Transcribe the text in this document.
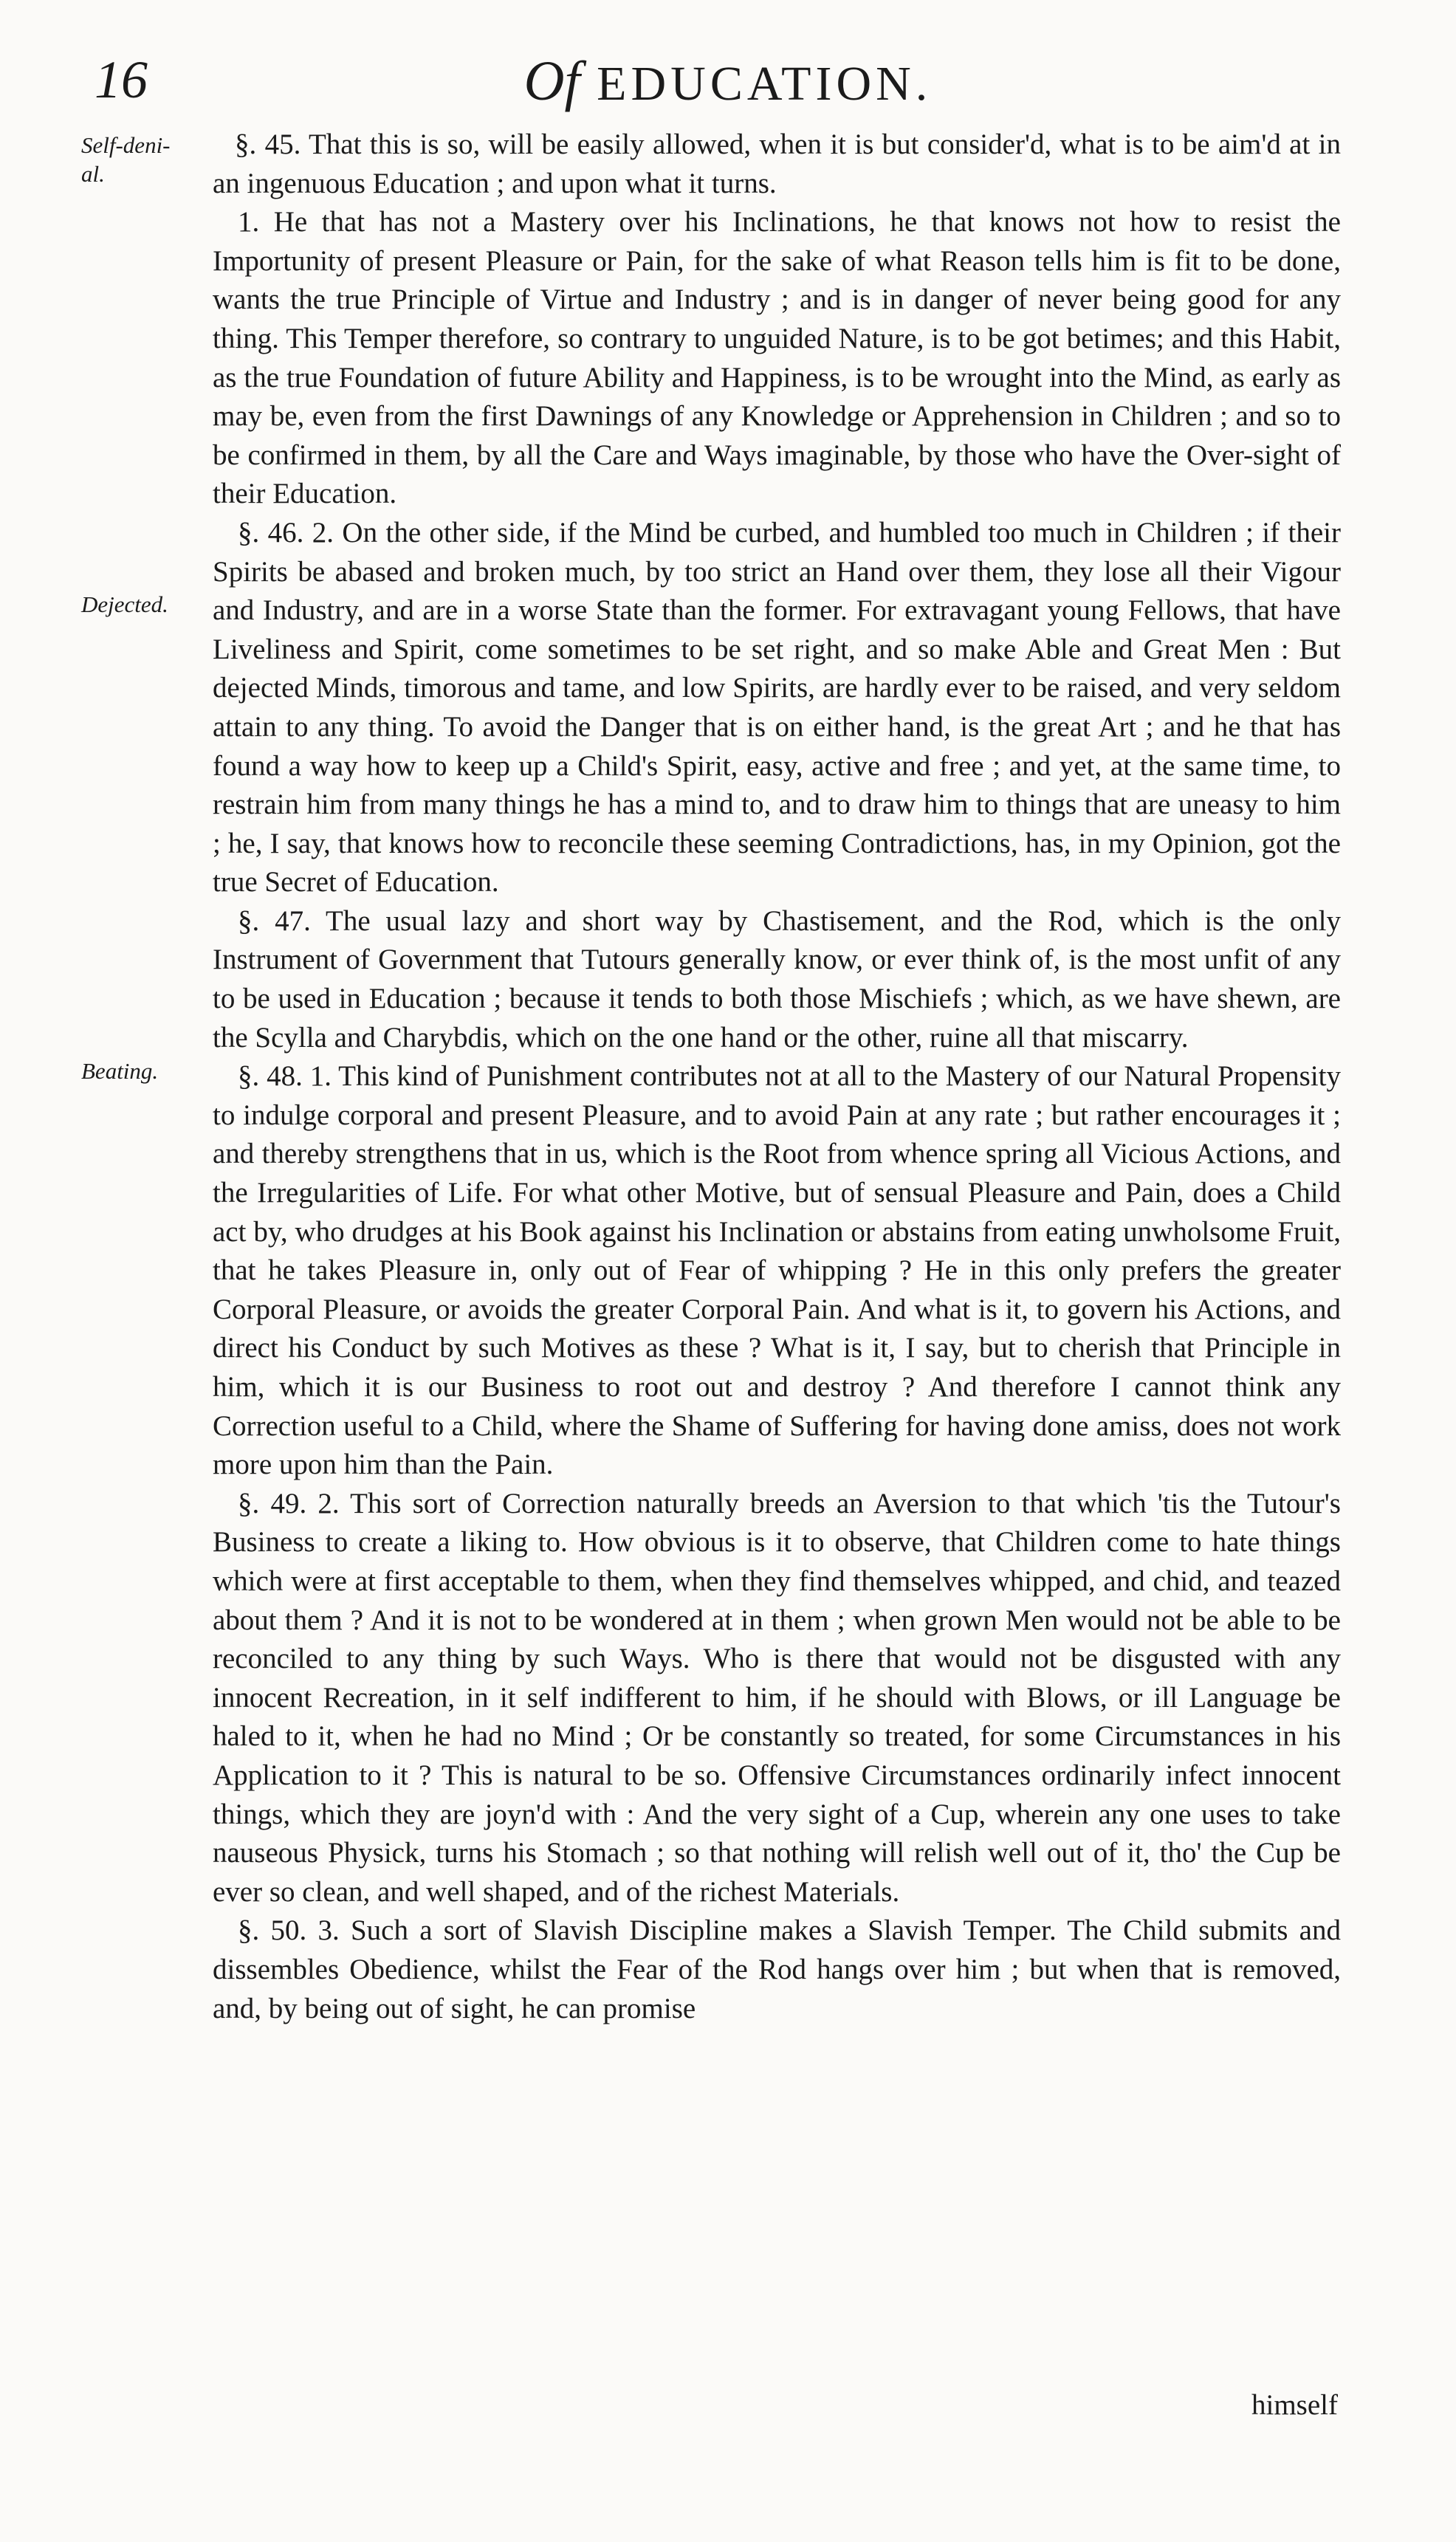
16	Of EDUCATION.
Self-deni-
al.
Dejected.
Beating.

§. 45. That this is so, will be easily allowed, when it is but consider'd, what is to be aim'd at in an ingenuous Education ; and upon what it turns.

1. He that has not a Mastery over his Inclinations, he that knows not how to resist the Importunity of present Pleasure or Pain, for the sake of what Reason tells him is fit to be done, wants the true Principle of Virtue and Industry ; and is in danger of never being good for any thing. This Temper therefore, so contrary to unguided Nature, is to be got betimes; and this Habit, as the true Foundation of future Ability and Happiness, is to be wrought into the Mind, as early as may be, even from the first Dawnings of any Knowledge or Apprehension in Children ; and so to be confirmed in them, by all the Care and Ways imaginable, by those who have the Over-sight of their Education.

§. 46. 2. On the other side, if the Mind be curbed, and humbled too much in Children ; if their Spirits be abased and broken much, by too strict an Hand over them, they lose all their Vigour and Industry, and are in a worse State than the former. For extravagant young Fellows, that have Liveliness and Spirit, come sometimes to be set right, and so make Able and Great Men : But dejected Minds, timorous and tame, and low Spirits, are hardly ever to be raised, and very seldom attain to any thing. To avoid the Danger that is on either hand, is the great Art ; and he that has found a way how to keep up a Child's Spirit, easy, active and free ; and yet, at the same time, to restrain him from many things he has a mind to, and to draw him to things that are uneasy to him ; he, I say, that knows how to reconcile these seeming Contradictions, has, in my Opinion, got the true Secret of Education.

§. 47. The usual lazy and short way by Chastisement, and the Rod, which is the only Instrument of Government that Tutours generally know, or ever think of, is the most unfit of any to be used in Education ; because it tends to both those Mischiefs ; which, as we have shewn, are the Scylla and Charybdis, which on the one hand or the other, ruine all that miscarry.

§. 48. 1. This kind of Punishment contributes not at all to the Mastery of our Natural Propensity to indulge corporal and present Pleasure, and to avoid Pain at any rate ; but rather encourages it ; and thereby strengthens that in us, which is the Root from whence spring all Vicious Actions, and the Irregularities of Life. For what other Motive, but of sensual Pleasure and Pain, does a Child act by, who drudges at his Book against his Inclination or abstains from eating unwholsome Fruit, that he takes Pleasure in, only out of Fear of whipping ? He in this only prefers the greater Corporal Pleasure, or avoids the greater Corporal Pain. And what is it, to govern his Actions, and direct his Conduct by such Motives as these ? What is it, I say, but to cherish that Principle in him, which it is our Business to root out and destroy ? And therefore I cannot think any Correction useful to a Child, where the Shame of Suffering for having done amiss, does not work more upon him than the Pain.

§. 49. 2. This sort of Correction naturally breeds an Aversion to that which 'tis the Tutour's Business to create a liking to. How obvious is it to observe, that Children come to hate things which were at first acceptable to them, when they find themselves whipped, and chid, and teazed about them ? And it is not to be wondered at in them ; when grown Men would not be able to be reconciled to any thing by such Ways. Who is there that would not be disgusted with any innocent Recreation, in it self indifferent to him, if he should with Blows, or ill Language be haled to it, when he had no Mind ; Or be constantly so treated, for some Circumstances in his Application to it ? This is natural to be so. Offensive Circumstances ordinarily infect innocent things, which they are joyn'd with : And the very sight of a Cup, wherein any one uses to take nauseous Physick, turns his Stomach ; so that nothing will relish well out of it, tho' the Cup be ever so clean, and well shaped, and of the richest Materials.

§. 50. 3. Such a sort of Slavish Discipline makes a Slavish Temper. The Child submits and dissembles Obedience, whilst the Fear of the Rod hangs over him ; but when that is removed, and, by being out of sight, he can promise

himself
